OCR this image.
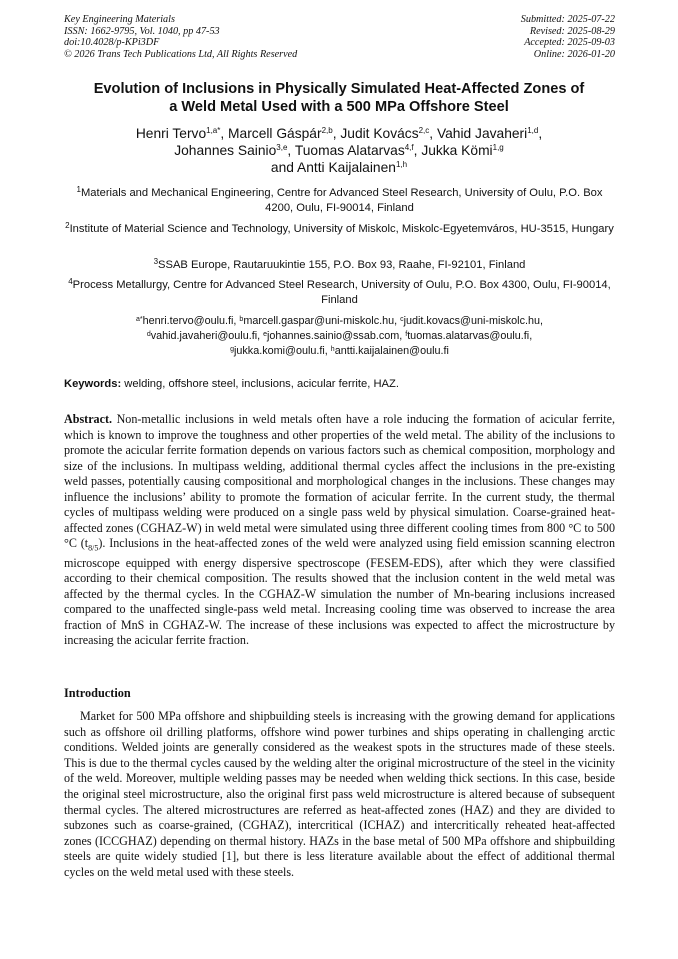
Key Engineering Materials
ISSN: 1662-9795, Vol. 1040, pp 47-53
doi:10.4028/p-KPi3DF
© 2026 Trans Tech Publications Ltd, All Rights Reserved
Submitted: 2025-07-22
Revised: 2025-08-29
Accepted: 2025-09-03
Online: 2026-01-20
Evolution of Inclusions in Physically Simulated Heat-Affected Zones of
a Weld Metal Used with a 500 MPa Offshore Steel
Henri Tervo$^{1,a*}$, Marcell Gáspár$^{2,b}$, Judit Kovács$^{2,c}$, Vahid Javaheri$^{1,d}$,
Johannes Sainio$^{3,e}$, Tuomas Alatarvas$^{4,f}$, Jukka Kömi$^{1,g}$
and Antti Kaijalainen$^{1,h}$
$^1$Materials and Mechanical Engineering, Centre for Advanced Steel Research, University of Oulu, P.O. Box 4200, Oulu, FI-90014, Finland
$^2$Institute of Material Science and Technology, University of Miskolc, Miskolc-Egyetemváros, HU-3515, Hungary
$^3$SSAB Europe, Rautaruukintie 155, P.O. Box 93, Raahe, FI-92101, Finland
$^4$Process Metallurgy, Centre for Advanced Steel Research, University of Oulu, P.O. Box 4300, Oulu, FI-90014, Finland
$^{a*}$henri.tervo@oulu.fi, $^b$marcell.gaspar@uni-miskolc.hu, $^c$judit.kovacs@uni-miskolc.hu,
$^d$vahid.javaheri@oulu.fi, $^e$johannes.sainio@ssab.com, $^f$tuomas.alatarvas@oulu.fi,
$^g$jukka.komi@oulu.fi, $^h$antti.kaijalainen@oulu.fi
Keywords: welding, offshore steel, inclusions, acicular ferrite, HAZ.
Abstract. Non-metallic inclusions in weld metals often have a role inducing the formation of acicular ferrite, which is known to improve the toughness and other properties of the weld metal. The ability of the inclusions to promote the acicular ferrite formation depends on various factors such as chemical composition, morphology and size of the inclusions. In multipass welding, additional thermal cycles affect the inclusions in the pre-existing weld passes, potentially causing compositional and morphological changes in the inclusions. These changes may influence the inclusions’ ability to promote the formation of acicular ferrite. In the current study, the thermal cycles of multipass welding were produced on a single pass weld by physical simulation. Coarse-grained heat-affected zones (CGHAZ-W) in weld metal were simulated using three different cooling times from 800 °C to 500 °C $(t_{8/5})$. Inclusions in the heat-affected zones of the weld were analyzed using field emission scanning electron microscope equipped with energy dispersive spectroscope (FESEM-EDS), after which they were classified according to their chemical composition. The results showed that the inclusion content in the weld metal was affected by the thermal cycles. In the CGHAZ-W simulation the number of Mn-bearing inclusions increased compared to the unaffected single-pass weld metal. Increasing cooling time was observed to increase the area fraction of MnS in CGHAZ-W. The increase of these inclusions was expected to affect the microstructure by increasing the acicular ferrite fraction.
Introduction
Market for 500 MPa offshore and shipbuilding steels is increasing with the growing demand for applications such as offshore oil drilling platforms, offshore wind power turbines and ships operating in challenging arctic conditions. Welded joints are generally considered as the weakest spots in the structures made of these steels. This is due to the thermal cycles caused by the welding alter the original microstructure of the steel in the vicinity of the weld. Moreover, multiple welding passes may be needed when welding thick sections. In this case, beside the original steel microstructure, also the original first pass weld microstructure is altered because of subsequent thermal cycles. The altered microstructures are referred as heat-affected zones (HAZ) and they are divided to subzones such as coarse-grained, (CGHAZ), intercritical (ICHAZ) and intercritically reheated heat-affected zones (ICCGHAZ) depending on thermal history. HAZs in the base metal of 500 MPa offshore and shipbuilding steels are quite widely studied [1], but there is less literature available about the effect of additional thermal cycles on the weld metal used with these steels.
